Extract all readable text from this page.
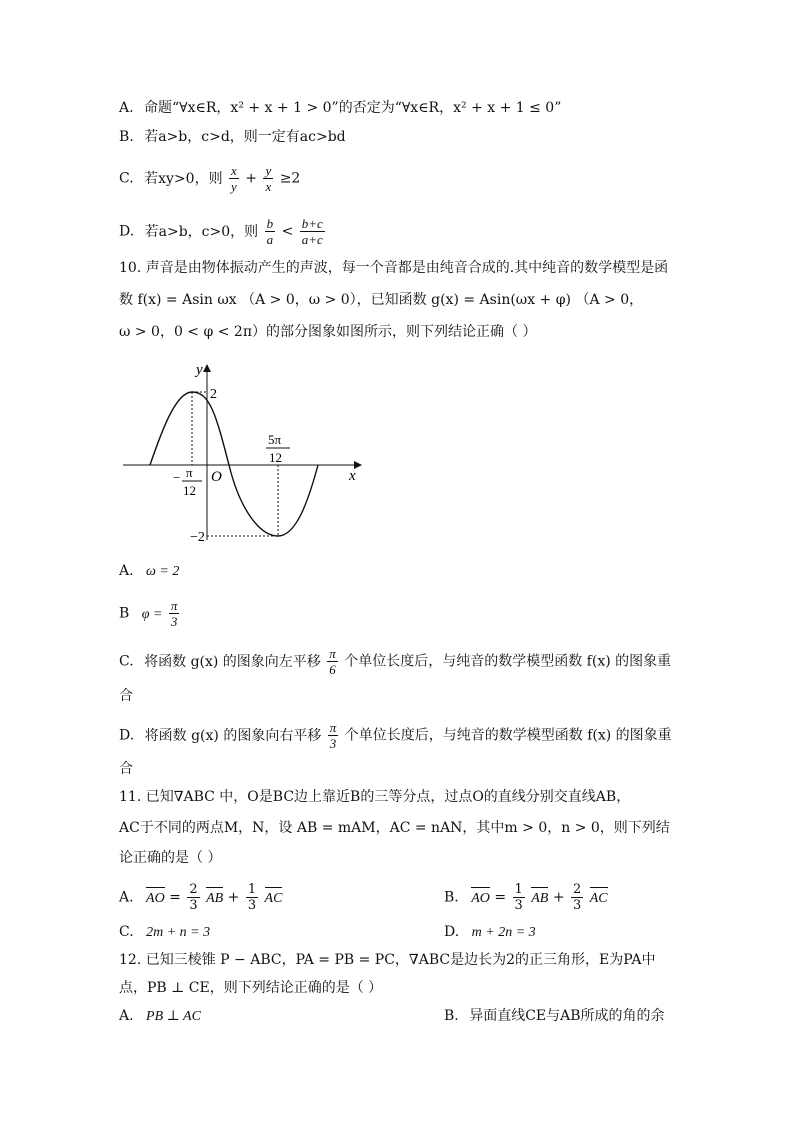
A. 命题“∀x∈R，x² + x + 1 > 0”的否定为“∀x∈R，x² + x + 1 ≤ 0”
B. 若a>b，c>d，则一定有ac>bd
C. 若xy>0，则 $\frac{x}{y} + \frac{y}{x} \ge 2$
D. 若a>b，c>0，则 $\frac{b}{a} < \frac{b+c}{a+c}$
10. 声音是由物体振动产生的声波，每一个音都是由纯音合成的.其中纯音的数学模型是函
数 f(x) = Asin ωx （A > 0，ω > 0），已知函数 g(x) = Asin(ωx + φ) （A > 0，
ω > 0，0 < φ < 2π）的部分图象如图所示，则下列结论正确（ ）
y
x
O
2
−2
− π
12
5π
12
A. ω = 2
B $\varphi = \frac{\pi}{3}$
C. 将函数 g(x) 的图象向左平移 $\frac{\pi}{6}$ 个单位长度后，与纯音的数学模型函数 f(x) 的图象重
合
D. 将函数 g(x) 的图象向右平移 $\frac{\pi}{3}$ 个单位长度后，与纯音的数学模型函数 f(x) 的图象重
合
11. 已知∇ABC 中，O是BC边上靠近B的三等分点，过点O的直线分别交直线AB，
AC于不同的两点M，N，设 AB = mAM，AC = nAN，其中m > 0，n > 0，则下列结
论正确的是（ ）
A. AO = $\frac{2}{3}$ AB + $\frac{1}{3}$ AC	B. AO = $\frac{1}{3}$ AB + $\frac{2}{3}$ AC
C. 2m + n = 3	D. m + 2n = 3
12. 已知三棱锥 P − ABC，PA = PB = PC，∇ABC是边长为2的正三角形，E为PA中
点，PB ⊥ CE，则下列结论正确的是（ ）
A. PB ⊥ AC	B. 异面直线CE与AB所成的角的余
